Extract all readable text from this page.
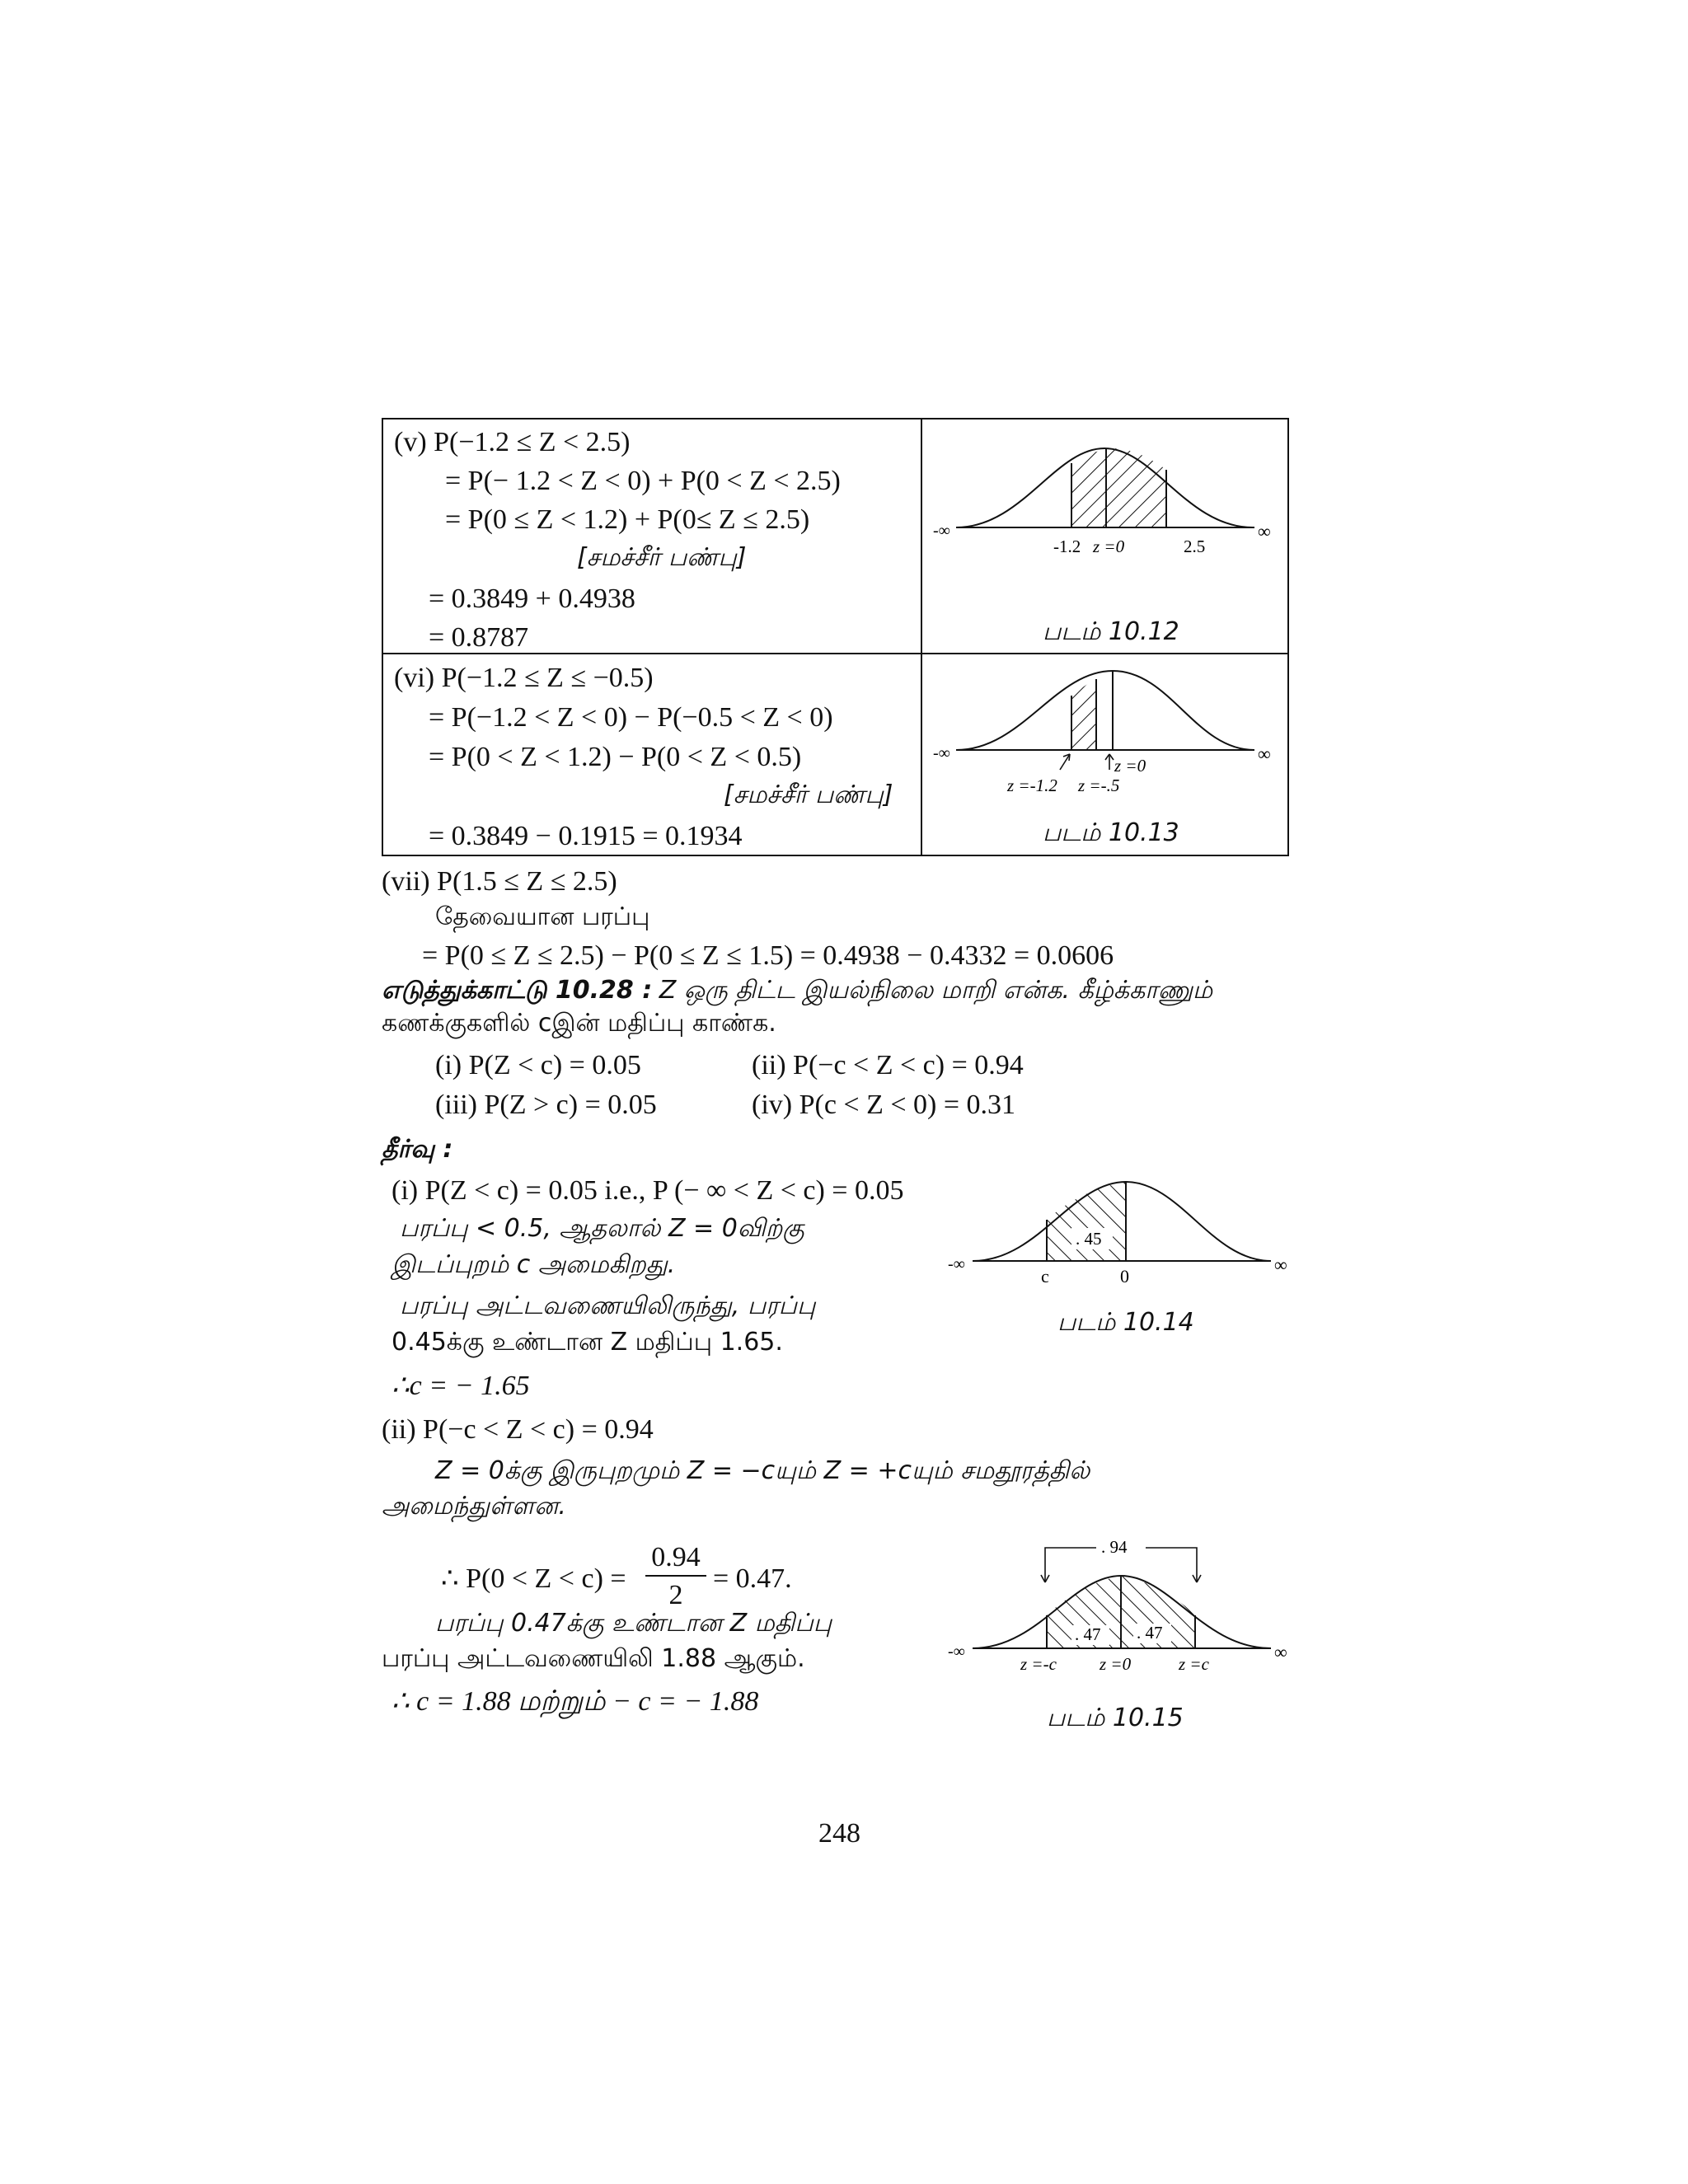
(v) P(−1.2 ≤ Z < 2.5)
= P(− 1.2 < Z < 0) + P(0 < Z < 2.5)
= P(0 ≤ Z < 1.2) + P(0≤ Z ≤ 2.5)
[சமச்சீர் பண்பு]
= 0.3849 + 0.4938
= 0.8787
-∞	∞
-1.2 z =0	2.5
படம் 10.12
(vi) P(−1.2 ≤ Z ≤ −0.5)
= P(−1.2 < Z < 0) − P(−0.5 < Z < 0)
= P(0 < Z < 1.2) − P(0 < Z < 0.5)
[சமச்சீர் பண்பு]
= 0.3849 − 0.1915 = 0.1934
-∞	∞
z =0
z =-1.2 z =-.5
படம் 10.13
(vii) P(1.5 ≤ Z ≤ 2.5)
தேவையான பரப்பு
= P(0 ≤ Z ≤ 2.5) − P(0 ≤ Z ≤ 1.5) = 0.4938 − 0.4332 = 0.0606
எடுத்துக்காட்டு 10.28 : Z ஒரு திட்ட இயல்நிலை மாறி என்க. கீழ்க்காணும்
கணக்குகளில் cஇன் மதிப்பு காண்க.
(i) P(Z < c) = 0.05	(ii) P(−c < Z < c) = 0.94
(iii) P(Z > c) = 0.05	(iv) P(c < Z < 0) = 0.31
தீர்வு :
(i) P(Z < c) = 0.05 i.e., P (− ∞ < Z < c) = 0.05
பரப்பு < 0.5, ஆதலால் Z = 0விற்கு
இடப்புறம் c அமைகிறது.
பரப்பு அட்டவணையிலிருந்து, பரப்பு
0.45க்கு உண்டான Z மதிப்பு 1.65.
∴c = − 1.65
. 45
-∞	∞
c	0
படம் 10.14
(ii) P(−c < Z < c) = 0.94
Z = 0க்கு இருபுறமும் Z = −cயும் Z = +cயும் சமதூரத்தில்
அமைந்துள்ளன.
∴ $P(0 < Z < c) = \frac{0.94}{2} = 0.47$.
பரப்பு 0.47க்கு உண்டான Z மதிப்பு
பரப்பு அட்டவணையிலி 1.88 ஆகும்.
∴ c = 1.88 மற்றும் − c = − 1.88
. 94
. 47 . 47
-∞	∞
z =-c z =0	z =c
படம் 10.15
248
